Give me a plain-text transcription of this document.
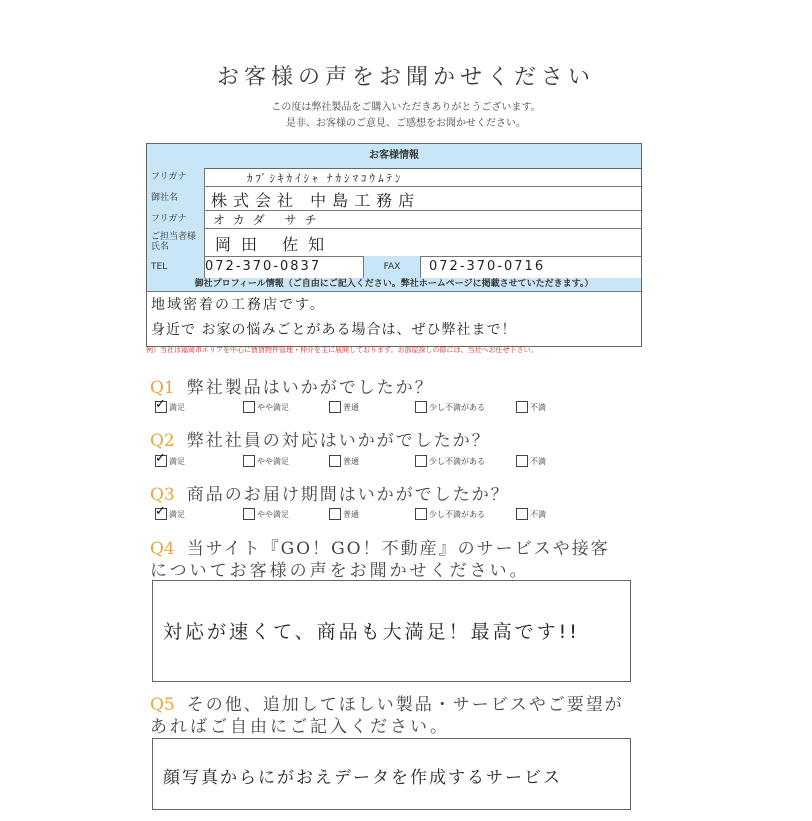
お客様の声をお聞かせください
この度は弊社製品をご購入いただきありがとうございます。
是非、お客様のご意見、ご感想をお聞かせください。
お客様情報
フリガナ	ｶﾌﾞｼｷｶｲｼｬ ﾅｶｼﾏｺｳﾑﾃﾝ
御社名	株式会社 中島工務店
フリガナ	オカダ サチ
ご担当者様氏名	岡田 佐知
TEL	072-370-0837	FAX	072-370-0716
御社プロフィール情報（ご自由にご記入ください。弊社ホームページに掲載させていただきます。）
地域密着の工務店です。
身近で お家の悩みごとがある場合は、ぜひ弊社まで！
例）当社は福岡市エリアを中心に賃貸物件管理・仲介を主に展開しております。お部屋探しの際には、当社へお任せ下さい。
Q1 弊社製品はいかがでしたか？
✓ 満足	やや満足	普通	少し不満がある	不満
Q2 弊社社員の対応はいかがでしたか？
✓ 満足	やや満足	普通	少し不満がある	不満
Q3 商品のお届け期間はいかがでしたか？
✓ 満足	やや満足	普通	少し不満がある	不満
Q4 当サイト『GO！GO！不動産』のサービスや接客
についてお客様の声をお聞かせください。
対応が速くて、商品も大満足！最高です!!
Q5 その他、追加してほしい製品・サービスやご要望が
あればご自由にご記入ください。
顔写真からにがおえデータを作成するサービス
